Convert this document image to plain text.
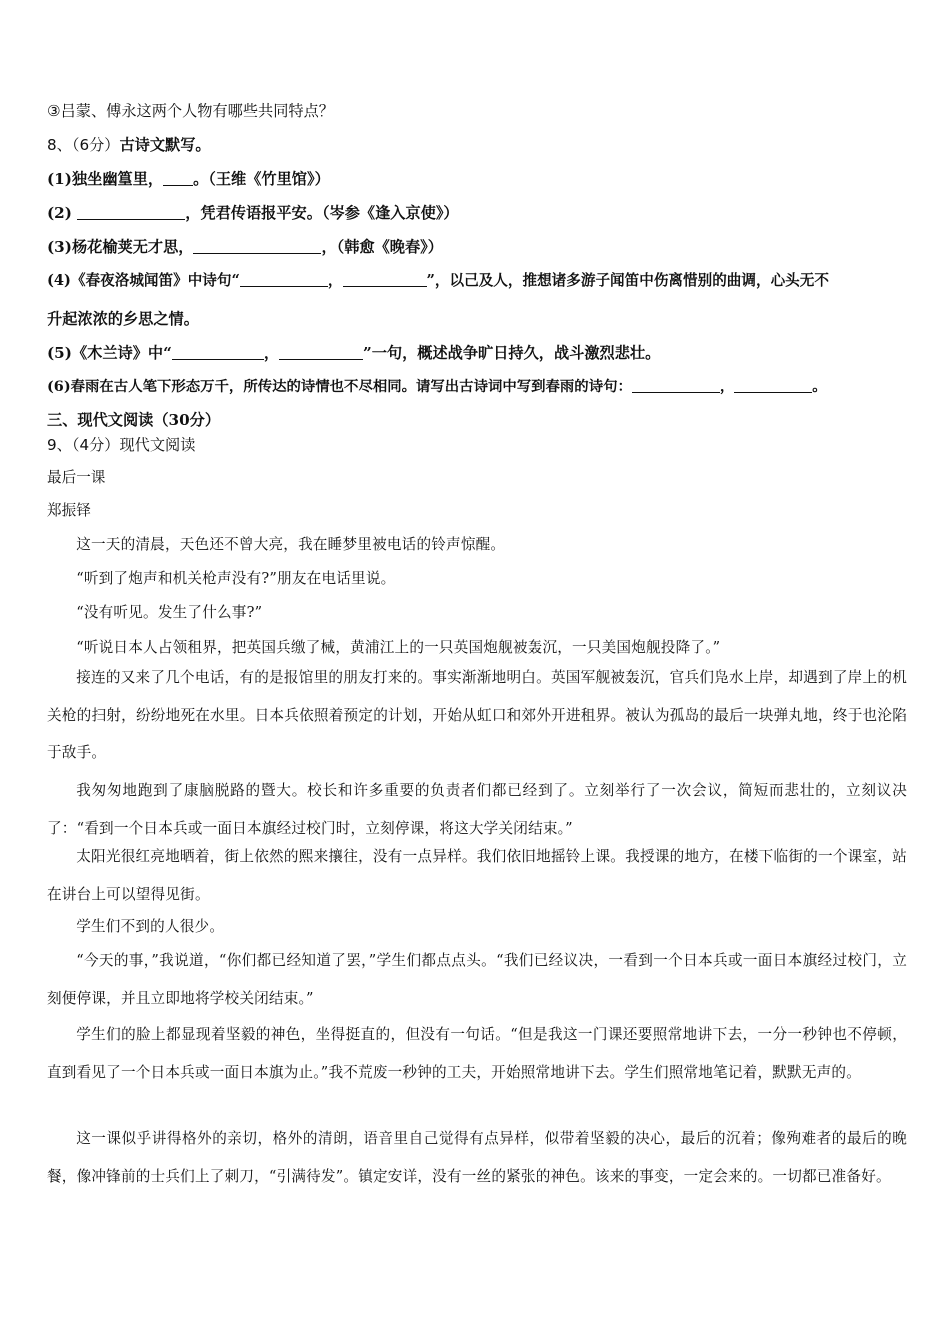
③吕蒙、傅永这两个人物有哪些共同特点？
8、（6分）古诗文默写。
(1)独坐幽篁里， 。（王维《竹里馆》）
(2)	，凭君传语报平安。（岑参《逢入京使》）
(3)杨花榆荚无才思，	，（韩愈《晚春》）
(4)《春夜洛城闻笛》中诗句“	，	”，以己及人，推想诸多游子闻笛中伤离惜别的曲调，心头无不
升起浓浓的乡思之情。
(5)《木兰诗》中“	，	”一句，概述战争旷日持久，战斗激烈悲壮。
(6)春雨在古人笔下形态万千，所传达的诗情也不尽相同。请写出古诗词中写到春雨的诗句：	，	。
三、现代文阅读（30分）
9、（4分）现代文阅读
最后一课
郑振铎
这一天的清晨，天色还不曾大亮，我在睡梦里被电话的铃声惊醒。
“听到了炮声和机关枪声没有?”朋友在电话里说。
“没有听见。发生了什么事?”
“听说日本人占领租界，把英国兵缴了械，黄浦江上的一只英国炮舰被轰沉，一只美国炮舰投降了。”
接连的又来了几个电话，有的是报馆里的朋友打来的。事实渐渐地明白。英国军舰被轰沉，官兵们凫水上岸，却遇到了岸上的机关枪的扫射，纷纷地死在水里。日本兵依照着预定的计划，开始从虹口和郊外开进租界。被认为孤岛的最后一块弹丸地，终于也沦陷于敌手。
我匆匆地跑到了康脑脱路的暨大。校长和许多重要的负责者们都已经到了。立刻举行了一次会议，简短而悲壮的，立刻议决了：“看到一个日本兵或一面日本旗经过校门时，立刻停课，将这大学关闭结束。”
太阳光很红亮地晒着，街上依然的熙来攘往，没有一点异样。我们依旧地摇铃上课。我授课的地方，在楼下临街的一个课室，站在讲台上可以望得见街。
学生们不到的人很少。
“今天的事，”我说道，“你们都已经知道了罢，”学生们都点点头。“我们已经议决，一看到一个日本兵或一面日本旗经过校门，立刻便停课，并且立即地将学校关闭结束。”
学生们的脸上都显现着坚毅的神色，坐得挺直的，但没有一句话。“但是我这一门课还要照常地讲下去，一分一秒钟也不停顿，直到看见了一个日本兵或一面日本旗为止。”我不荒废一秒钟的工夫，开始照常地讲下去。学生们照常地笔记着，默默无声的。
这一课似乎讲得格外的亲切，格外的清朗，语音里自己觉得有点异样，似带着坚毅的决心，最后的沉着；像殉难者的最后的晚餐，像冲锋前的士兵们上了刺刀，“引满待发”。镇定安详，没有一丝的紧张的神色。该来的事变，一定会来的。一切都已准备好。
